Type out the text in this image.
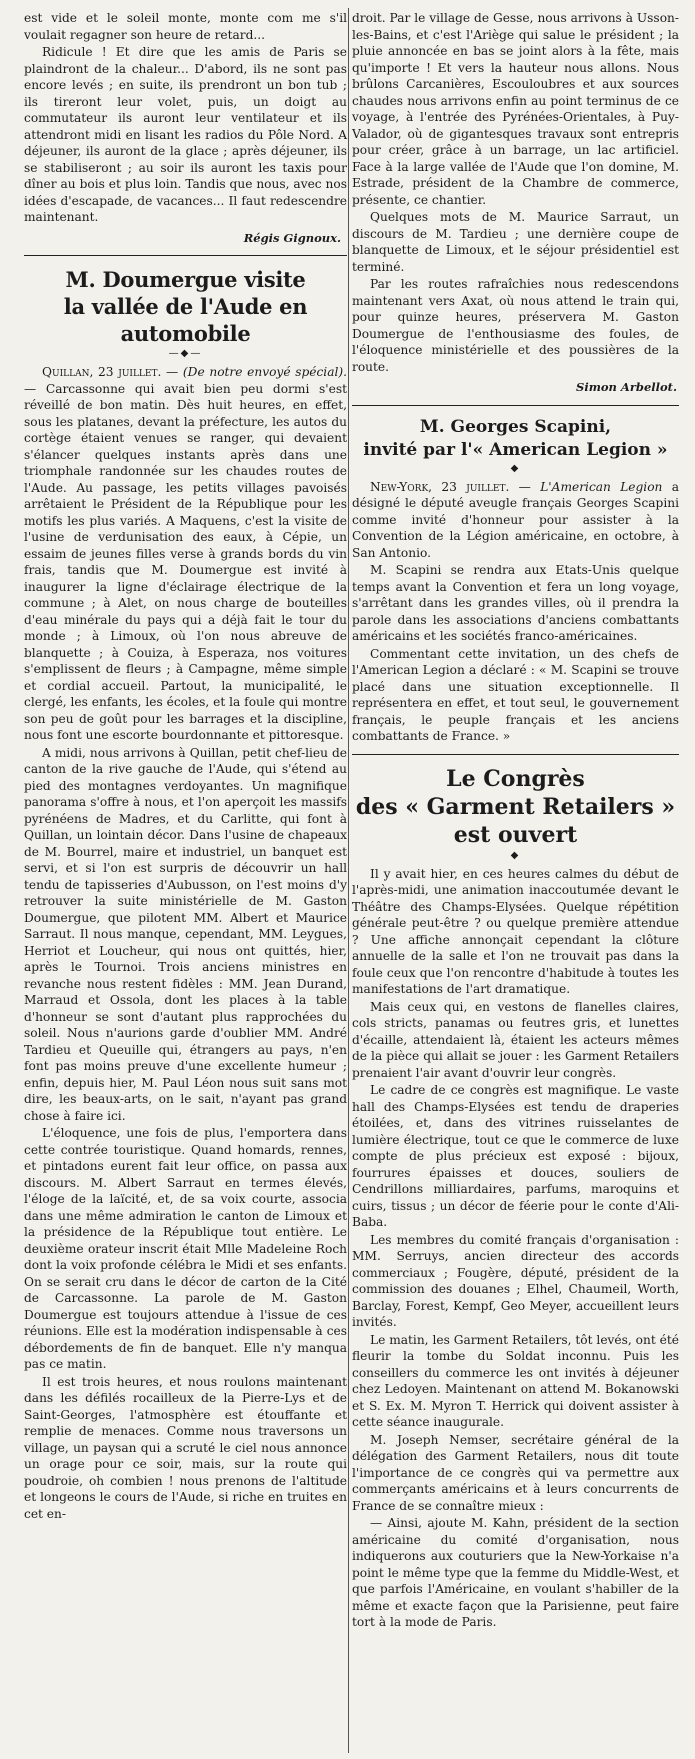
est vide et le soleil monte, monte com me s'il voulait regagner son heure de retard...

Ridicule ! Et dire que les amis de Paris se plaindront de la chaleur... D'abord, ils ne sont pas encore levés ; en suite, ils prendront un bon tub ; ils tireront leur volet, puis, un doigt au commutateur ils auront leur ventilateur et ils attendront midi en lisant les radios du Pôle Nord. A déjeuner, ils auront de la glace ; après déjeuner, ils se stabiliseront ; au soir ils auront les taxis pour dîner au bois et plus loin. Tandis que nous, avec nos idées d'escapade, de vacances... Il faut redescendre maintenant.

Régis Gignoux.
M. Doumergue visite
la vallée de l'Aude en automobile
—◆—

Quillan, 23 juillet. — (De notre envoyé spécial). — Carcassonne qui avait bien peu dormi s'est réveillé de bon matin. Dès huit heures, en effet, sous les platanes, devant la préfecture, les autos du cortège étaient venues se ranger, qui devaient s'élancer quelques instants après dans une triomphale randonnée sur les chaudes routes de l'Aude. Au passage, les petits villages pavoisés arrêtaient le Président de la République pour les motifs les plus variés. A Maquens, c'est la visite de l'usine de verdunisation des eaux, à Cépie, un essaim de jeunes filles verse à grands bords du vin frais, tandis que M. Doumergue est invité à inaugurer la ligne d'éclairage électrique de la commune ; à Alet, on nous charge de bouteilles d'eau minérale du pays qui a déjà fait le tour du monde ; à Limoux, où l'on nous abreuve de blanquette ; à Couiza, à Esperaza, nos voitures s'emplissent de fleurs ; à Campagne, même simple et cordial accueil. Partout, la municipalité, le clergé, les enfants, les écoles, et la foule qui montre son peu de goût pour les barrages et la discipline, nous font une escorte bourdonnante et pittoresque.

A midi, nous arrivons à Quillan, petit chef-lieu de canton de la rive gauche de l'Aude, qui s'étend au pied des montagnes verdoyantes. Un magnifique panorama s'offre à nous, et l'on aperçoit les massifs pyrénéens de Madres, et du Carlitte, qui font à Quillan, un lointain décor. Dans l'usine de chapeaux de M. Bourrel, maire et industriel, un banquet est servi, et si l'on est surpris de découvrir un hall tendu de tapisseries d'Aubusson, on l'est moins d'y retrouver la suite ministérielle de M. Gaston Doumergue, que pilotent MM. Albert et Maurice Sarraut. Il nous manque, cependant, MM. Leygues, Herriot et Loucheur, qui nous ont quittés, hier, après le Tournoi. Trois anciens ministres en revanche nous restent fidèles : MM. Jean Durand, Marraud et Ossola, dont les places à la table d'honneur se sont d'autant plus rapprochées du soleil. Nous n'aurions garde d'oublier MM. André Tardieu et Queuille qui, étrangers au pays, n'en font pas moins preuve d'une excellente humeur ; enfin, depuis hier, M. Paul Léon nous suit sans mot dire, les beaux-arts, on le sait, n'ayant pas grand chose à faire ici.

L'éloquence, une fois de plus, l'emportera dans cette contrée touristique. Quand homards, rennes, et pintadons eurent fait leur office, on passa aux discours. M. Albert Sarraut en termes élevés, l'éloge de la laïcité, et, de sa voix courte, associa dans une même admiration le canton de Limoux et la présidence de la République tout entière. Le deuxième orateur inscrit était Mlle Madeleine Roch dont la voix profonde célébra le Midi et ses enfants. On se serait cru dans le décor de carton de la Cité de Carcassonne. La parole de M. Gaston Doumergue est toujours attendue à l'issue de ces réunions. Elle est la modération indispensable à ces débordements de fin de banquet. Elle n'y manqua pas ce matin.

Il est trois heures, et nous roulons maintenant dans les défilés rocailleux de la Pierre-Lys et de Saint-Georges, l'atmosphère est étouffante et remplie de menaces. Comme nous traversons un village, un paysan qui a scruté le ciel nous annonce un orage pour ce soir, mais, sur la route qui poudroie, oh combien ! nous prenons de l'altitude et longeons le cours de l'Aude, si riche en truites en cet en-

droit. Par le village de Gesse, nous arrivons à Usson-les-Bains, et c'est l'Ariège qui salue le président ; la pluie annoncée en bas se joint alors à la fête, mais qu'importe ! Et vers la hauteur nous allons. Nous brûlons Carcanières, Escouloubres et aux sources chaudes nous arrivons enfin au point terminus de ce voyage, à l'entrée des Pyrénées-Orientales, à Puy-Valador, où de gigantesques travaux sont entrepris pour créer, grâce à un barrage, un lac artificiel. Face à la large vallée de l'Aude que l'on domine, M. Estrade, président de la Chambre de commerce, présente, ce chantier.

Quelques mots de M. Maurice Sarraut, un discours de M. Tardieu ; une dernière coupe de blanquette de Limoux, et le séjour présidentiel est terminé.

Par les routes rafraîchies nous redescendons maintenant vers Axat, où nous attend le train qui, pour quinze heures, préservera M. Gaston Doumergue de l'enthousiasme des foules, de l'éloquence ministérielle et des poussières de la route.

Simon Arbellot.
M. Georges Scapini,
invité par l'« American Legion »
◆

New-York, 23 juillet. — L'American Legion a désigné le député aveugle français Georges Scapini comme invité d'honneur pour assister à la Convention de la Légion américaine, en octobre, à San Antonio.

M. Scapini se rendra aux Etats-Unis quelque temps avant la Convention et fera un long voyage, s'arrêtant dans les grandes villes, où il prendra la parole dans les associations d'anciens combattants américains et les sociétés franco-américaines.

Commentant cette invitation, un des chefs de l'American Legion a déclaré : « M. Scapini se trouve placé dans une situation exceptionnelle. Il représentera en effet, et tout seul, le gouvernement français, le peuple français et les anciens combattants de France. »

Le Congrès
des « Garment Retailers »
est ouvert
◆

Il y avait hier, en ces heures calmes du début de l'après-midi, une animation inaccoutumée devant le Théâtre des Champs-Elysées. Quelque répétition générale peut-être ? ou quelque première attendue ? Une affiche annonçait cependant la clôture annuelle de la salle et l'on ne trouvait pas dans la foule ceux que l'on rencontre d'habitude à toutes les manifestations de l'art dramatique.

Mais ceux qui, en vestons de flanelles claires, cols stricts, panamas ou feutres gris, et lunettes d'écaille, attendaient là, étaient les acteurs mêmes de la pièce qui allait se jouer : les Garment Retailers prenaient l'air avant d'ouvrir leur congrès.

Le cadre de ce congrès est magnifique. Le vaste hall des Champs-Elysées est tendu de draperies étoilées, et, dans des vitrines ruisselantes de lumière électrique, tout ce que le commerce de luxe compte de plus précieux est exposé : bijoux, fourrures épaisses et douces, souliers de Cendrillons milliardaires, parfums, maroquins et cuirs, tissus ; un décor de féerie pour le conte d'Ali-Baba.

Les membres du comité français d'organisation : MM. Serruys, ancien directeur des accords commerciaux ; Fougère, député, président de la commission des douanes ; Elhel, Chaumeil, Worth, Barclay, Forest, Kempf, Geo Meyer, accueillent leurs invités.

Le matin, les Garment Retailers, tôt levés, ont été fleurir la tombe du Soldat inconnu. Puis les conseillers du commerce les ont invités à déjeuner chez Ledoyen. Maintenant on attend M. Bokanowski et S. Ex. M. Myron T. Herrick qui doivent assister à cette séance inaugurale.

M. Joseph Nemser, secrétaire général de la délégation des Garment Retailers, nous dit toute l'importance de ce congrès qui va permettre aux commerçants américains et à leurs concurrents de France de se connaître mieux :

— Ainsi, ajoute M. Kahn, président de la section américaine du comité d'organisation, nous indiquerons aux couturiers que la New-Yorkaise n'a point le même type que la femme du Middle-West, et que parfois l'Américaine, en voulant s'habiller de la même et exacte façon que la Parisienne, peut faire tort à la mode de Paris.
